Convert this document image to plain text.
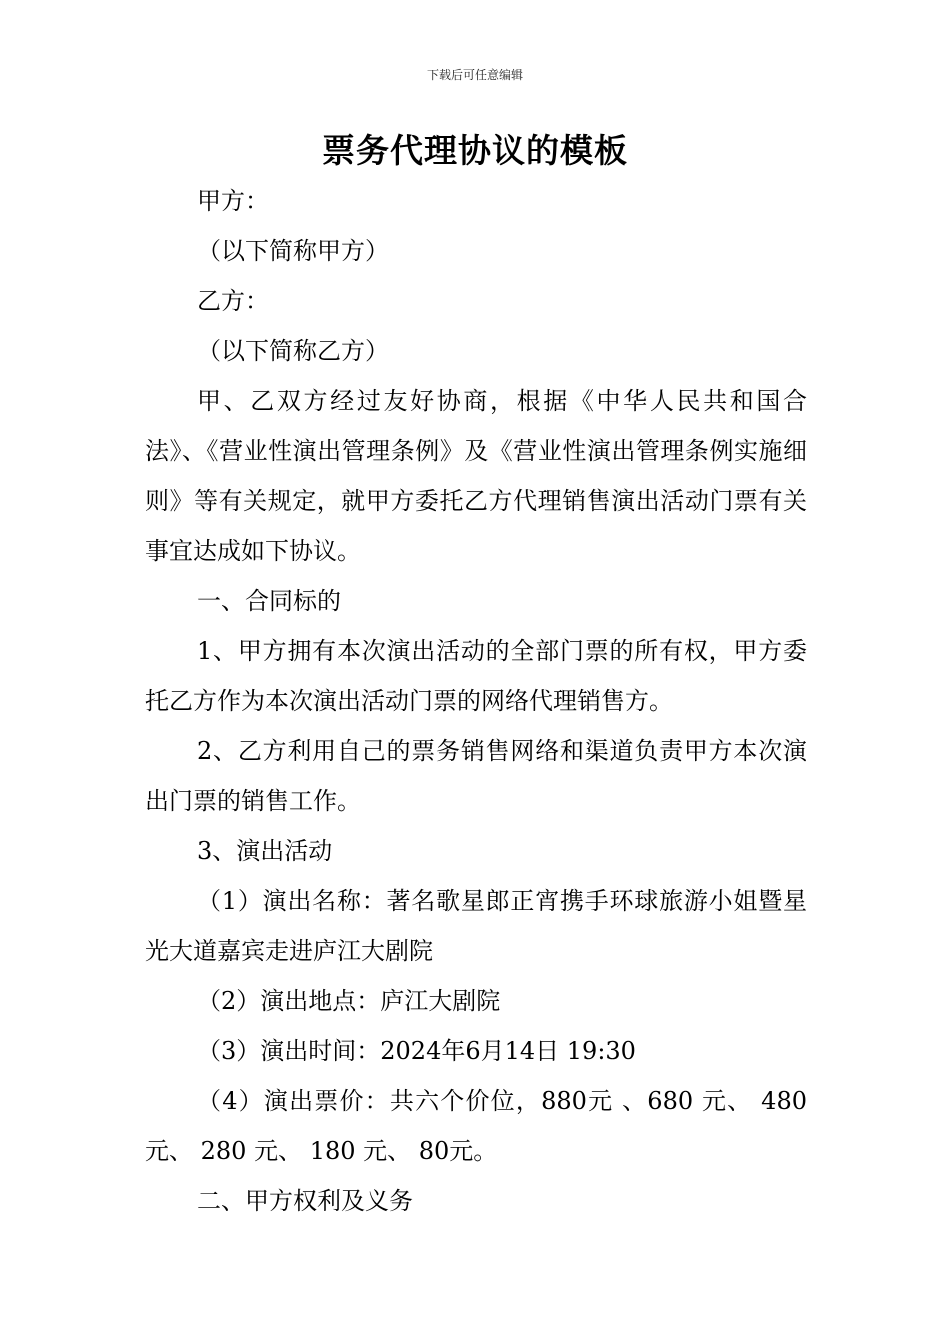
下载后可任意编辑
票务代理协议的模板

甲方：

（以下简称甲方）

乙方：

（以下简称乙方）

甲、乙双方经过友好协商，根据《中华人民共和国合法》、《营业性演出管理条例》及《营业性演出管理条例实施细则》等有关规定，就甲方委托乙方代理销售演出活动门票有关事宜达成如下协议。

一、合同标的

1、甲方拥有本次演出活动的全部门票的所有权，甲方委托乙方作为本次演出活动门票的网络代理销售方。

2、乙方利用自己的票务销售网络和渠道负责甲方本次演出门票的销售工作。

3、演出活动

（1）演出名称：著名歌星郎正宵携手环球旅游小姐暨星光大道嘉宾走进庐江大剧院

（2）演出地点：庐江大剧院

（3）演出时间：2024年6月14日 19:30

（4）演出票价：共六个价位，880元 、680 元、 480元、 280 元、 180 元、 80元。

二、甲方权利及义务
